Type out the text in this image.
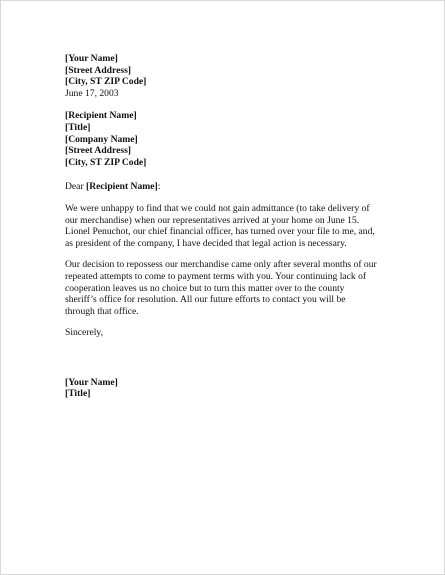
[Your Name]
[Street Address]
[City, ST ZIP Code]
June 17, 2003
[Recipient Name]
[Title]
[Company Name]
[Street Address]
[City, ST ZIP Code]
Dear [Recipient Name]:

We were unhappy to find that we could not gain admittance (to take delivery of our merchandise) when our representatives arrived at your home on June 15. Lionel Penuchot, our chief financial officer, has turned over your file to me, and, as president of the company, I have decided that legal action is necessary.

Our decision to repossess our merchandise came only after several months of our repeated attempts to come to payment terms with you. Your continuing lack of cooperation leaves us no choice but to turn this matter over to the county sheriff’s office for resolution. All our future efforts to contact you will be through that office.

Sincerely,
[Your Name]
[Title]
